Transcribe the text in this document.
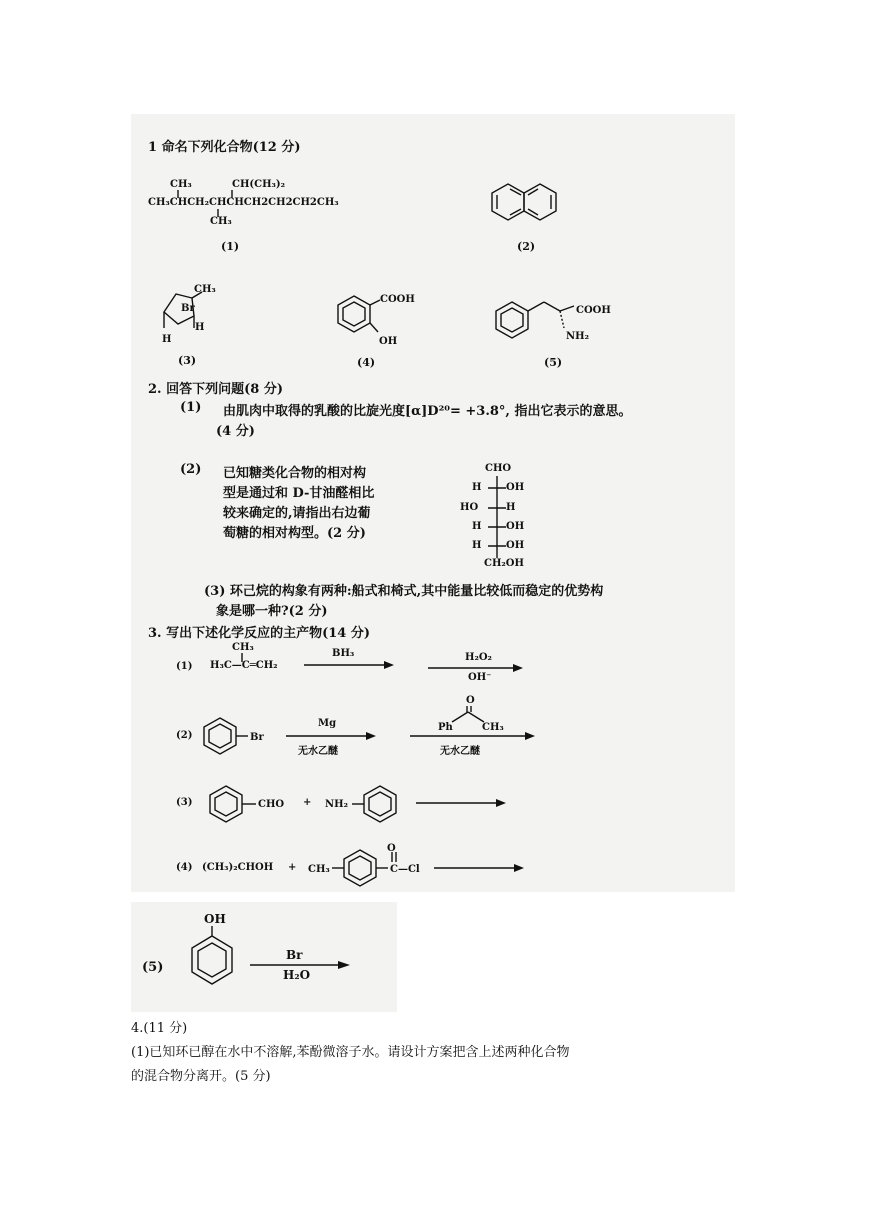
1 命名下列化合物(12 分)
CH₃	CH(CH₃)₂
CH₃CHCH₂CHCHCH2CH2CH2CH₃
CH₃
(1)	(2)
CH₃
Br
H
H
(3)
COOH
OH
(4)
COOH
NH₂
(5)
2. 回答下列问题(8 分)
(1) 由肌肉中取得的乳酸的比旋光度[α]D²⁰= +3.8°, 指出它表示的意思。
(4 分)
(2) 已知糖类化合物的相对构
型是通过和 D-甘油醛相比
较来确定的,请指出右边葡
萄糖的相对构型。(2 分)
CHO
H OH
HO	H
H OH
H OH
CH₂OH
(3) 环己烷的构象有两种:船式和椅式,其中能量比较低而稳定的优势构
象是哪一种?(2 分)
3. 写出下述化学反应的主产物(14 分)
(1)
CH₃
H₃C—C═CH₂
BH₃	H₂O₂
OH⁻
(2)	Br
Mg
无水乙醚
O
Ph	CH₃
无水乙醚
(3)	CHO + NH₂
(4) (CH₃)₂CHOH + CH₃
O
C—Cl
(5)
OH
Br
H₂O
4.(11 分)
(1)已知环已醇在水中不溶解,苯酚微溶子水。请设计方案把含上述两种化合物
的混合物分离开。(5 分)
